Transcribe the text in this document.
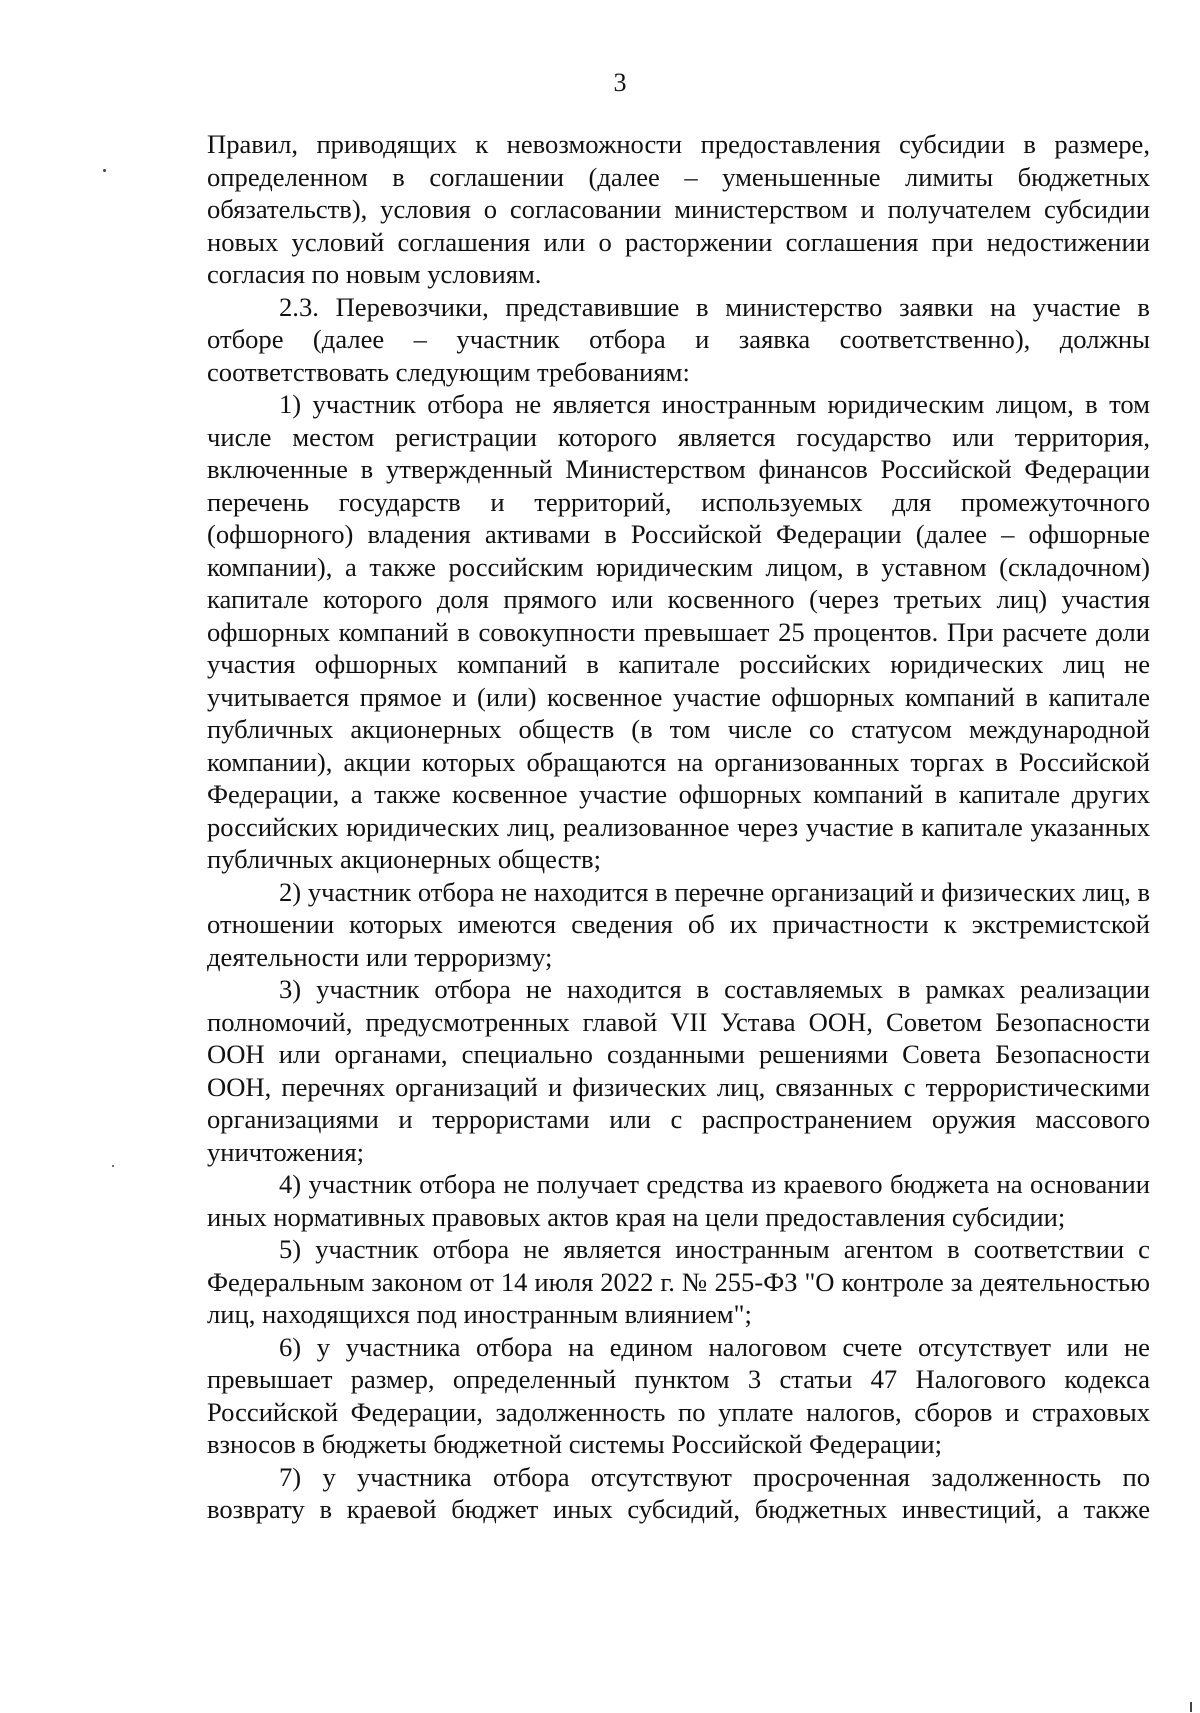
3

Правил, приводящих к невозможности предоставления субсидии в размере, определенном в соглашении (далее – уменьшенные лимиты бюджетных обязательств), условия о согласовании министерством и получателем субсидии новых условий соглашения или о расторжении соглашения при недостижении согласия по новым условиям.

2.3. Перевозчики, представившие в министерство заявки на участие в отборе (далее – участник отбора и заявка соответственно), должны соответствовать следующим требованиям:

1) участник отбора не является иностранным юридическим лицом, в том числе местом регистрации которого является государство или территория, включенные в утвержденный Министерством финансов Российской Федерации перечень государств и территорий, используемых для промежуточного (офшорного) владения активами в Российской Федерации (далее – офшорные компании), а также российским юридическим лицом, в уставном (складочном) капитале которого доля прямого или косвенного (через третьих лиц) участия офшорных компаний в совокупности превышает 25 процентов. При расчете доли участия офшорных компаний в капитале российских юридических лиц не учитывается прямое и (или) косвенное участие офшорных компаний в капитале публичных акционерных обществ (в том числе со статусом международной компании), акции которых обращаются на организованных торгах в Российской Федерации, а также косвенное участие офшорных компаний в капитале других российских юридических лиц, реализованное через участие в капитале указанных публичных акционерных обществ;

2) участник отбора не находится в перечне организаций и физических лиц, в отношении которых имеются сведения об их причастности к экстремистской деятельности или терроризму;

3) участник отбора не находится в составляемых в рамках реализации полномочий, предусмотренных главой VII Устава ООН, Советом Безопасности ООН или органами, специально созданными решениями Совета Безопасности ООН, перечнях организаций и физических лиц, связанных с террористическими организациями и террористами или с распространением оружия массового уничтожения;

4) участник отбора не получает средства из краевого бюджета на основании иных нормативных правовых актов края на цели предоставления субсидии;

5) участник отбора не является иностранным агентом в соответствии с Федеральным законом от 14 июля 2022 г. № 255-ФЗ "О контроле за деятельностью лиц, находящихся под иностранным влиянием";

6) у участника отбора на едином налоговом счете отсутствует или не превышает размер, определенный пунктом 3 статьи 47 Налогового кодекса Российской Федерации, задолженность по уплате налогов, сборов и страховых взносов в бюджеты бюджетной системы Российской Федерации;

7) у участника отбора отсутствуют просроченная задолженность по возврату в краевой бюджет иных субсидий, бюджетных инвестиций, а также
